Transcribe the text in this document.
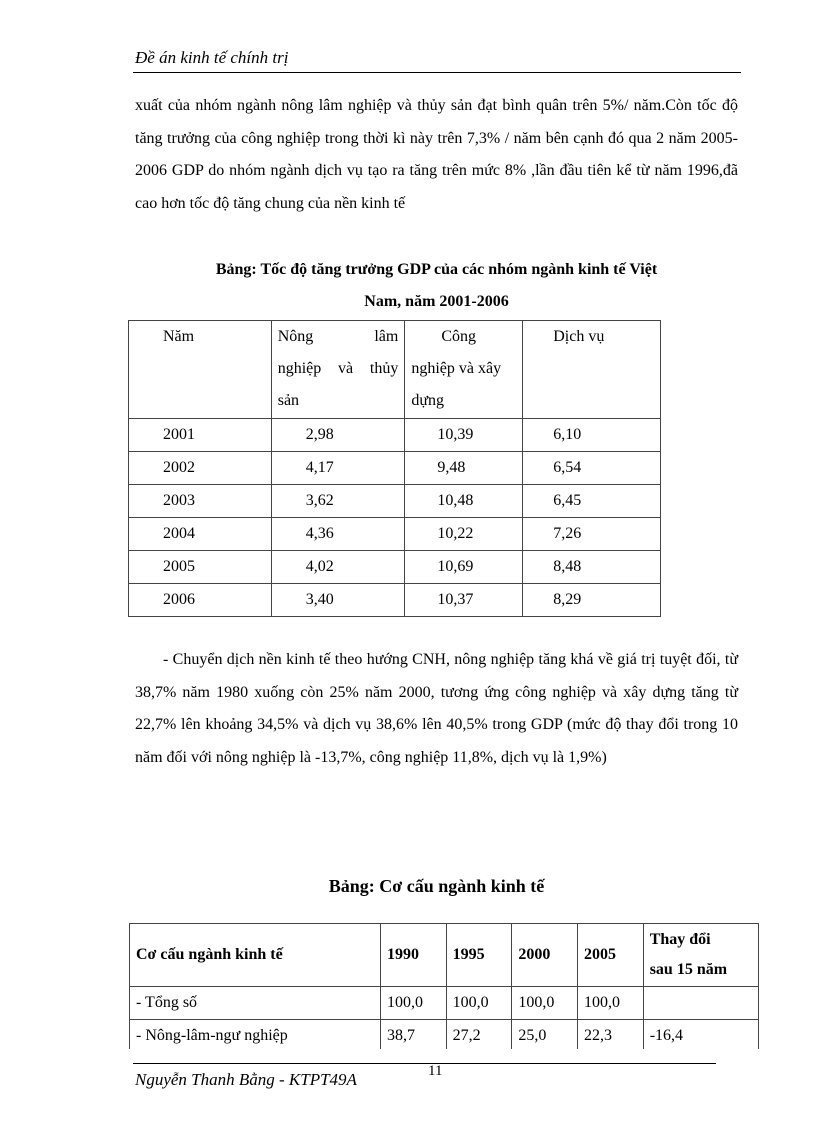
Đề án kinh tế chính trị

xuất của nhóm ngành nông lâm nghiệp và thủy sản đạt bình quân trên 5%/ năm.Còn tốc độ tăng trưởng của công nghiệp trong thời kì này trên 7,3% / năm bên cạnh đó qua 2 năm 2005-2006 GDP do nhóm ngành dịch vụ tạo ra tăng trên mức 8% ,lần đầu tiên kể từ năm 1996,đã cao hơn tốc độ tăng chung của nền kinh tế

Bảng: Tốc độ tăng trưởng GDP của các nhóm ngành kinh tế Việt
Nam, năm 2001-2006

Năm	Nông lâm
nghiệp và thủy
sản	Công nghiệp và xây dựng	Dịch vụ
2001	2,98	10,39	6,10
2002	4,17	9,48	6,54
2003	3,62	10,48	6,45
2004	4,36	10,22	7,26
2005	4,02	10,69	8,48
2006	3,40	10,37	8,29

- Chuyển dịch nền kinh tế theo hướng CNH, nông nghiệp tăng khá về giá trị tuyệt đối, từ 38,7% năm 1980 xuống còn 25% năm 2000, tương ứng công nghiệp và xây dựng tăng từ 22,7% lên khoảng 34,5% và dịch vụ 38,6% lên 40,5% trong GDP (mức độ thay đổi trong 10 năm đối với nông nghiệp là -13,7%, công nghiệp 11,8%, dịch vụ là 1,9%)

Bảng: Cơ cấu ngành kinh tế

Cơ cấu ngành kinh tế	1990	1995	2000	2005	Thay đổi
sau 15 năm

- Tổng số	100,0	100,0	100,0	100,0	
- Nông-lâm-ngư nghiệp	38,7	27,2	25,0	22,3	-16,4
Nguyễn Thanh Bằng - KTPT49A	11
